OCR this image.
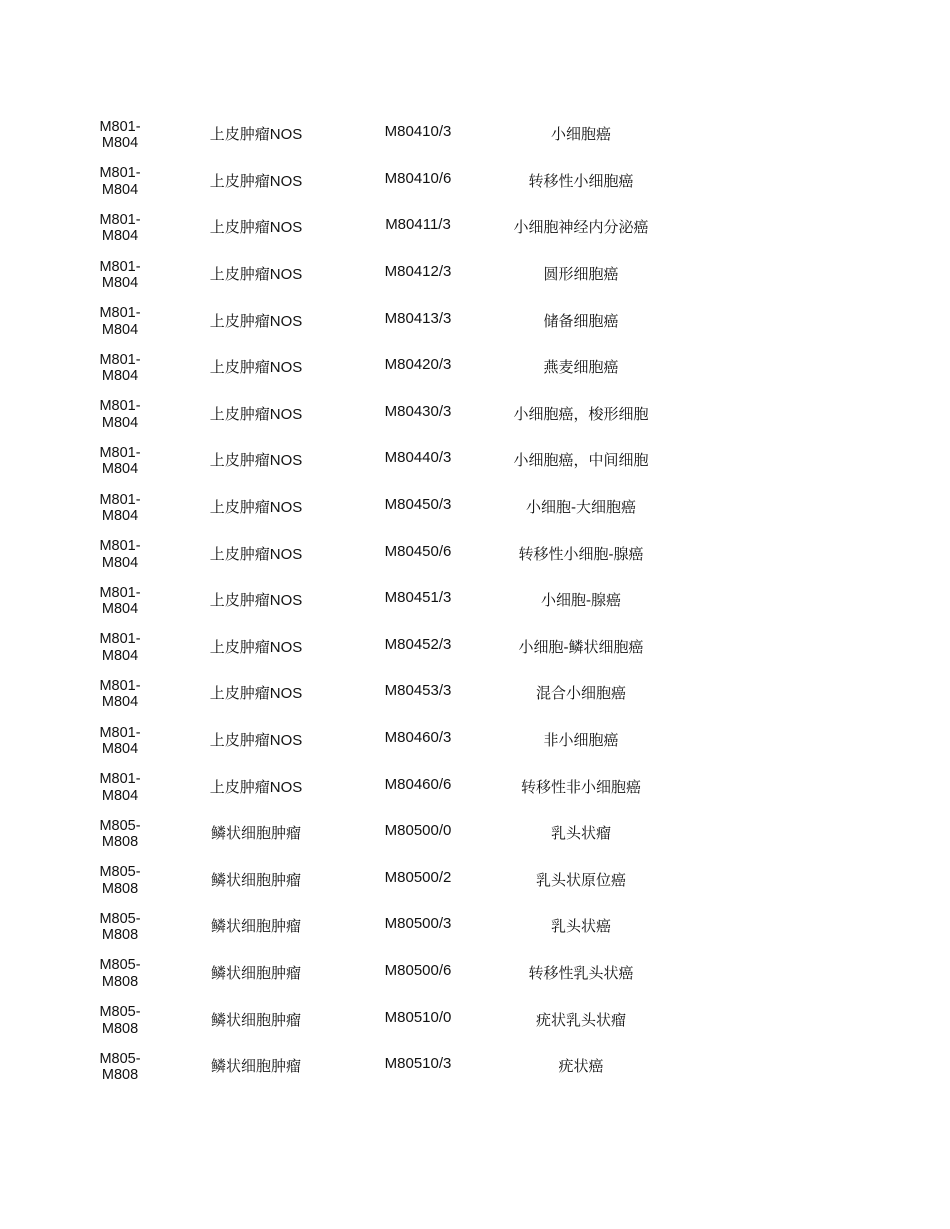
M801-
M804	上皮肿瘤NOS	M80410/3	小细胞癌
M801-
M804	上皮肿瘤NOS	M80410/6	转移性小细胞癌
M801-
M804	上皮肿瘤NOS	M80411/3	小细胞神经内分泌癌
M801-
M804	上皮肿瘤NOS	M80412/3	圆形细胞癌
M801-
M804	上皮肿瘤NOS	M80413/3	储备细胞癌
M801-
M804	上皮肿瘤NOS	M80420/3	燕麦细胞癌
M801-
M804	上皮肿瘤NOS	M80430/3	小细胞癌，梭形细胞
M801-
M804	上皮肿瘤NOS	M80440/3	小细胞癌，中间细胞
M801-
M804	上皮肿瘤NOS	M80450/3	小细胞-大细胞癌
M801-
M804	上皮肿瘤NOS	M80450/6	转移性小细胞-腺癌
M801-
M804	上皮肿瘤NOS	M80451/3	小细胞-腺癌
M801-
M804	上皮肿瘤NOS	M80452/3	小细胞-鳞状细胞癌
M801-
M804	上皮肿瘤NOS	M80453/3	混合小细胞癌
M801-
M804	上皮肿瘤NOS	M80460/3	非小细胞癌
M801-
M804	上皮肿瘤NOS	M80460/6	转移性非小细胞癌
M805-
M808	鳞状细胞肿瘤	M80500/0	乳头状瘤
M805-
M808	鳞状细胞肿瘤	M80500/2	乳头状原位癌
M805-
M808	鳞状细胞肿瘤	M80500/3	乳头状癌
M805-
M808	鳞状细胞肿瘤	M80500/6	转移性乳头状癌
M805-
M808	鳞状细胞肿瘤	M80510/0	疣状乳头状瘤
M805-
M808	鳞状细胞肿瘤	M80510/3	疣状癌
